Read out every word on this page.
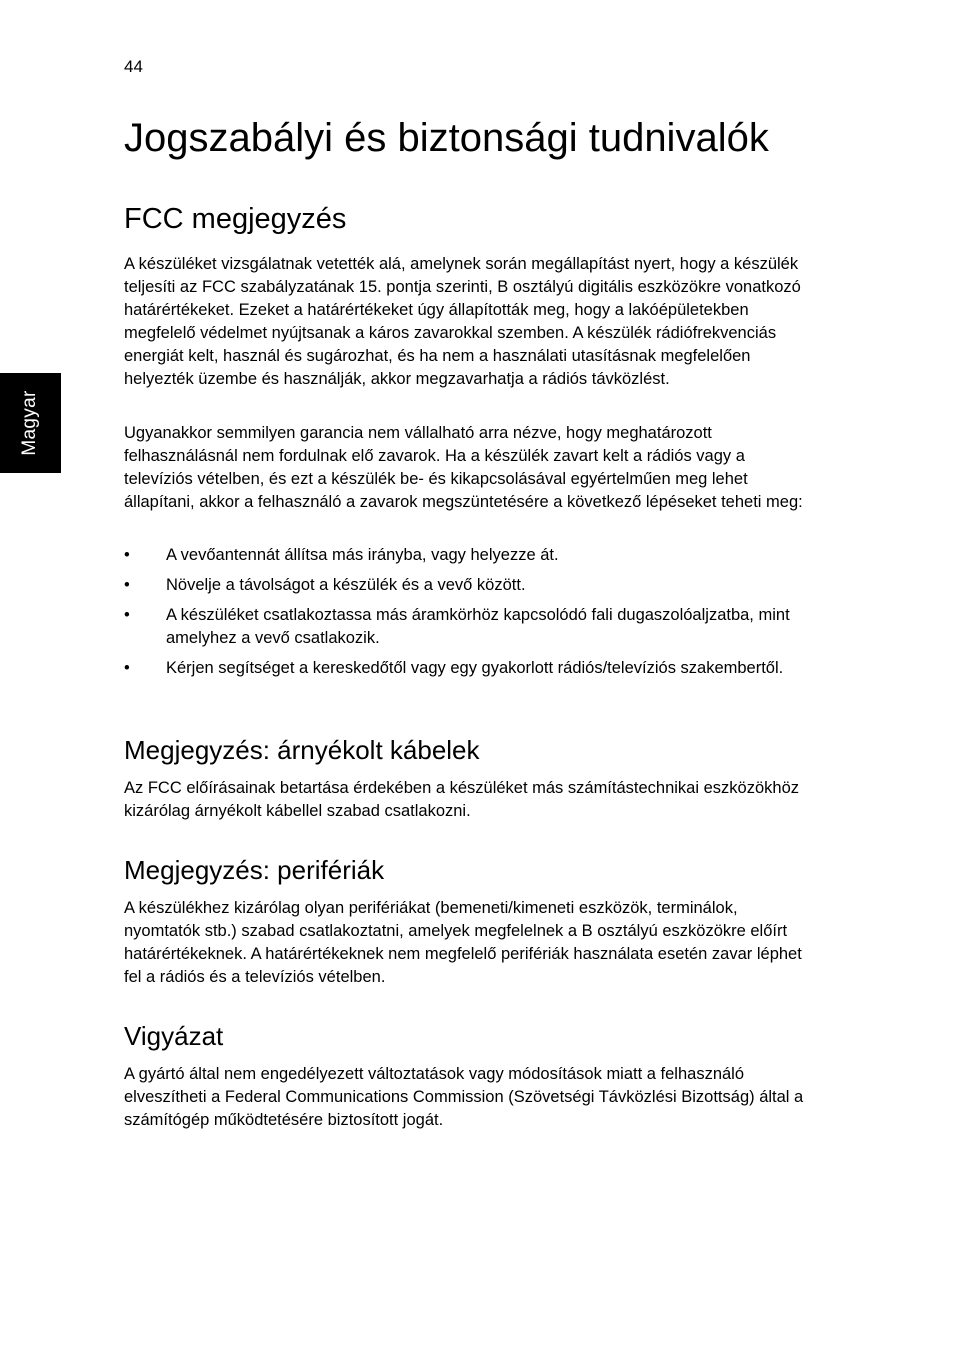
44
Magyar
Jogszabályi és biztonsági tudnivalók
FCC megjegyzés

A készüléket vizsgálatnak vetették alá, amelynek során megállapítást nyert, hogy a készülék teljesíti az FCC szabályzatának 15. pontja szerinti, B osztályú digitális eszközökre vonatkozó határértékeket. Ezeket a határértékeket úgy állapították meg, hogy a lakóépületekben megfelelő védelmet nyújtsanak a káros zavarokkal szemben. A készülék rádiófrekvenciás energiát kelt, használ és sugározhat, és ha nem a használati utasításnak megfelelően helyezték üzembe és használják, akkor megzavarhatja a rádiós távközlést.

Ugyanakkor semmilyen garancia nem vállalható arra nézve, hogy meghatározott felhasználásnál nem fordulnak elő zavarok. Ha a készülék zavart kelt a rádiós vagy a televíziós vételben, és ezt a készülék be- és kikapcsolásával egyértelműen meg lehet állapítani, akkor a felhasználó a zavarok megszüntetésére a következő lépéseket teheti meg:

•	A vevőantennát állítsa más irányba, vagy helyezze át.
•	Növelje a távolságot a készülék és a vevő között.
•	A készüléket csatlakoztassa más áramkörhöz kapcsolódó fali dugaszolóaljzatba, mint amelyhez a vevő csatlakozik.
•	Kérjen segítséget a kereskedőtől vagy egy gyakorlott rádiós/televíziós szakembertől.
Megjegyzés: árnyékolt kábelek

Az FCC előírásainak betartása érdekében a készüléket más számítástechnikai eszközökhöz kizárólag árnyékolt kábellel szabad csatlakozni.

Megjegyzés: perifériák

A készülékhez kizárólag olyan perifériákat (bemeneti/kimeneti eszközök, terminálok, nyomtatók stb.) szabad csatlakoztatni, amelyek megfelelnek a B osztályú eszközökre előírt határértékeknek. A határértékeknek nem megfelelő perifériák használata esetén zavar léphet fel a rádiós és a televíziós vételben.

Vigyázat

A gyártó által nem engedélyezett változtatások vagy módosítások miatt a felhasználó elveszítheti a Federal Communications Commission (Szövetségi Távközlési Bizottság) által a számítógép működtetésére biztosított jogát.
